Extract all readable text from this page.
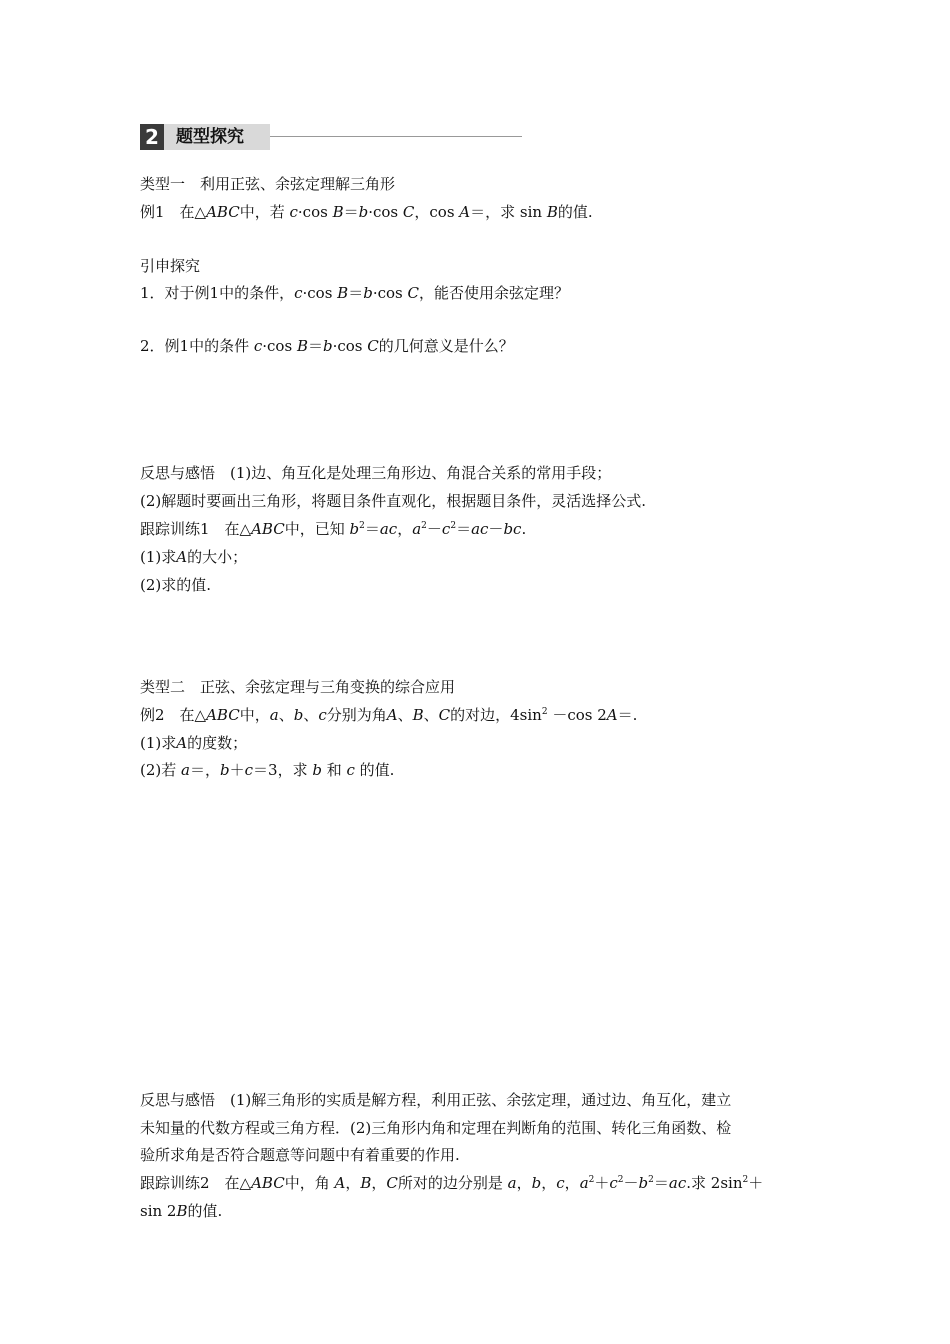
2	题型探究
类型一　利用正弦、余弦定理解三角形
例1　在△ABC中，若 c·cos B＝b·cos C，cos A＝，求 sin B的值.
引申探究
1．对于例1中的条件，c·cos B＝b·cos C，能否使用余弦定理？
2．例1中的条件 c·cos B＝b·cos C的几何意义是什么？
反思与感悟　(1)边、角互化是处理三角形边、角混合关系的常用手段；
(2)解题时要画出三角形，将题目条件直观化，根据题目条件，灵活选择公式.
跟踪训练1　在△ABC中，已知 $b^2=ac$，$a^2-c^2=ac-bc$.
(1)求A的大小；
(2)求的值.
类型二　正弦、余弦定理与三角变换的综合应用
例2　在△ABC中，a、b、c分别为角A、B、C的对边，$4\sin^2 -\cos$ 2A＝.
(1)求A的度数；
(2)若 a＝，b＋c＝3，求 b 和 c 的值.
反思与感悟　(1)解三角形的实质是解方程，利用正弦、余弦定理，通过边、角互化，建立
未知量的代数方程或三角方程．(2)三角形内角和定理在判断角的范围、转化三角函数、检
验所求角是否符合题意等问题中有着重要的作用.
跟踪训练2　在△ABC中，角 A，B，C所对的边分别是 a，b，c，$a^2+c^2-b^2=ac$.求 $2\sin^2+$
sin 2B的值.
